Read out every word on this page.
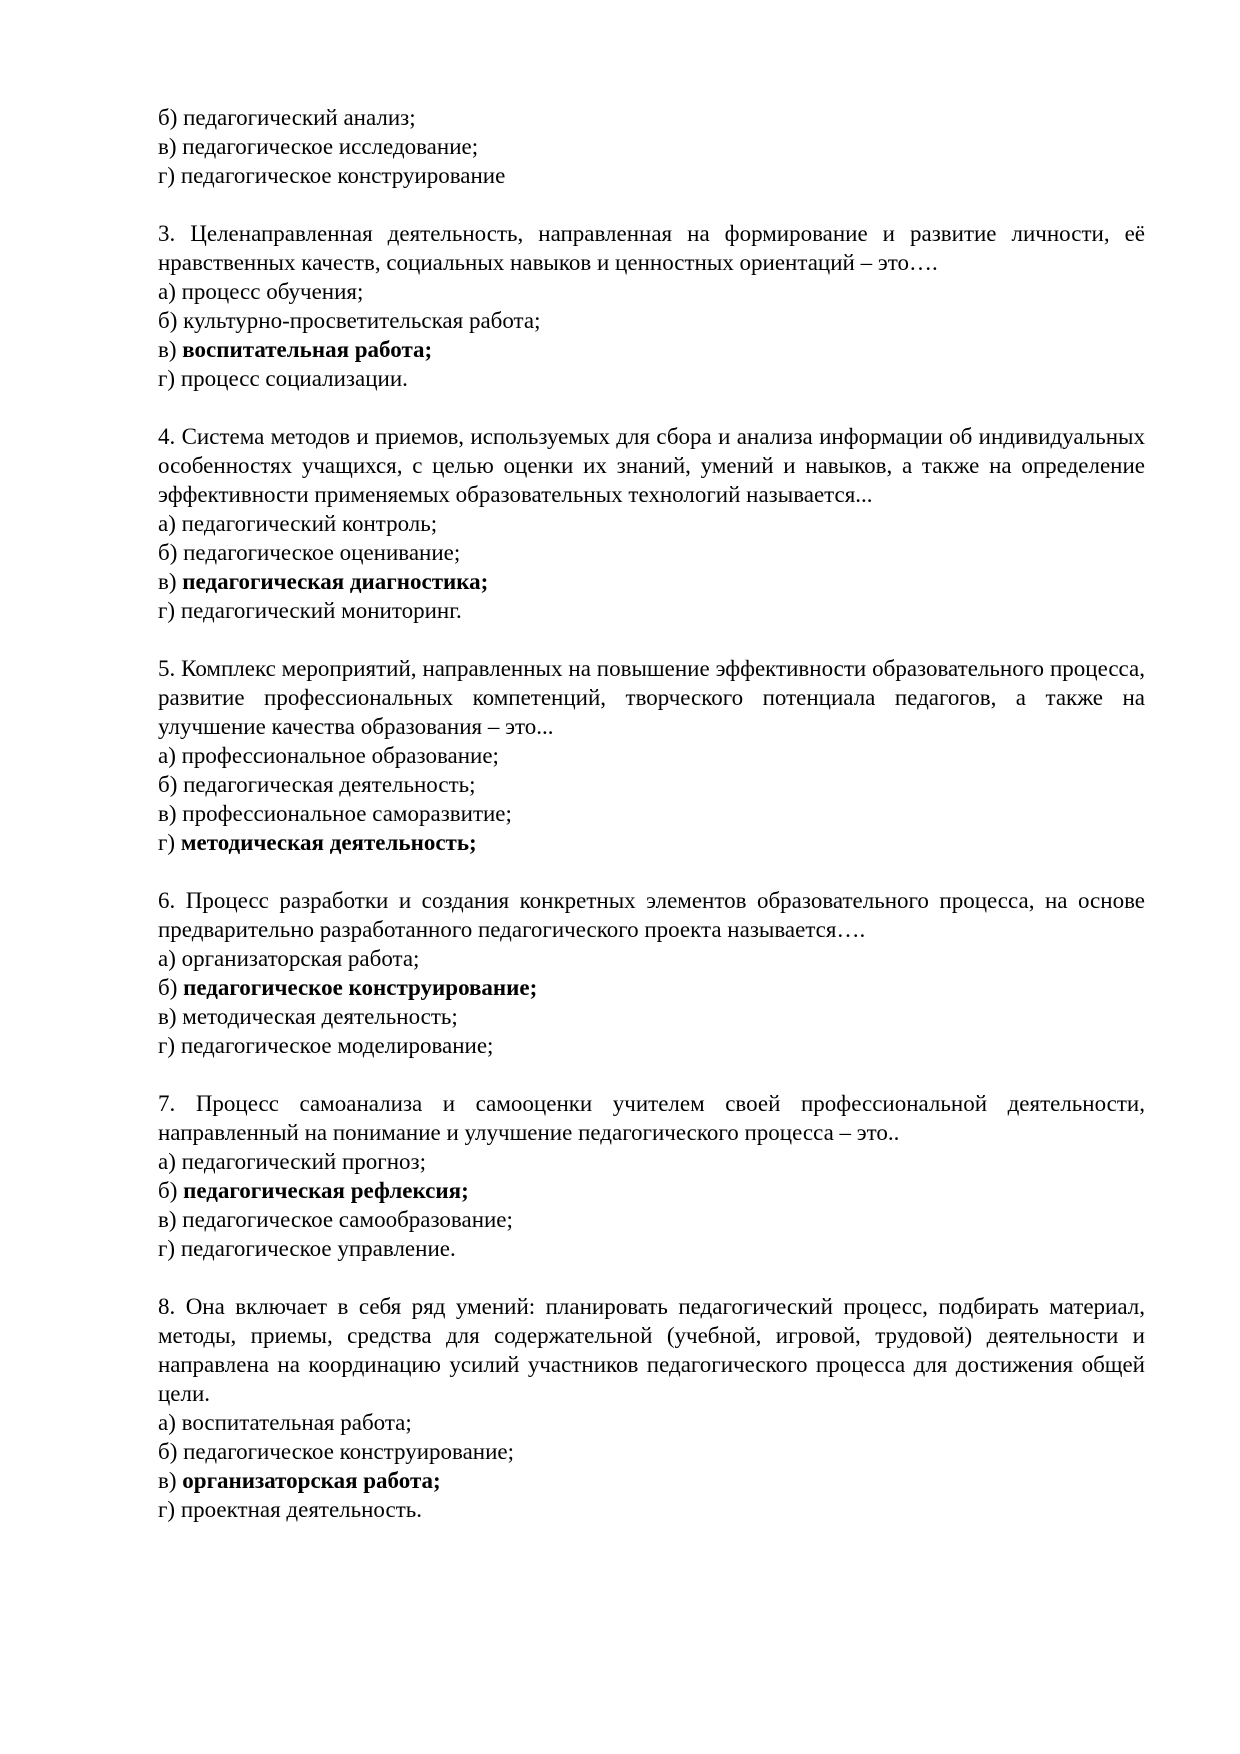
б) педагогический анализ;
в) педагогическое исследование;
г) педагогическое конструирование

3. Целенаправленная деятельность, направленная на формирование и развитие личности, её нравственных качеств, социальных навыков и ценностных ориентаций – это….

а) процесс обучения;
б) культурно-просветительская работа;
в) воспитательная работа;
г) процесс социализации.

4. Система методов и приемов, используемых для сбора и анализа информации об индивидуальных особенностях учащихся, с целью оценки их знаний, умений и навыков, а также на определение эффективности применяемых образовательных технологий называется...

а) педагогический контроль;
б) педагогическое оценивание;
в) педагогическая диагностика;
г) педагогический мониторинг.

5. Комплекс мероприятий, направленных на повышение эффективности образовательного процесса, развитие профессиональных компетенций, творческого потенциала педагогов, а также на улучшение качества образования – это...

а) профессиональное образование;
б) педагогическая деятельность;
в) профессиональное саморазвитие;
г) методическая деятельность;

6. Процесс разработки и создания конкретных элементов образовательного процесса, на основе предварительно разработанного педагогического проекта называется….

а) организаторская работа;
б) педагогическое конструирование;
в) методическая деятельность;
г) педагогическое моделирование;

7. Процесс самоанализа и самооценки учителем своей профессиональной деятельности, направленный на понимание и улучшение педагогического процесса – это..

а) педагогический прогноз;
б) педагогическая рефлексия;
в) педагогическое самообразование;
г) педагогическое управление.

8. Она включает в себя ряд умений: планировать педагогический процесс, подбирать материал, методы, приемы, средства для содержательной (учебной, игровой, трудовой) деятельности и направлена на координацию усилий участников педагогического процесса для достижения общей цели.

а) воспитательная работа;
б) педагогическое конструирование;
в) организаторская работа;
г) проектная деятельность.
